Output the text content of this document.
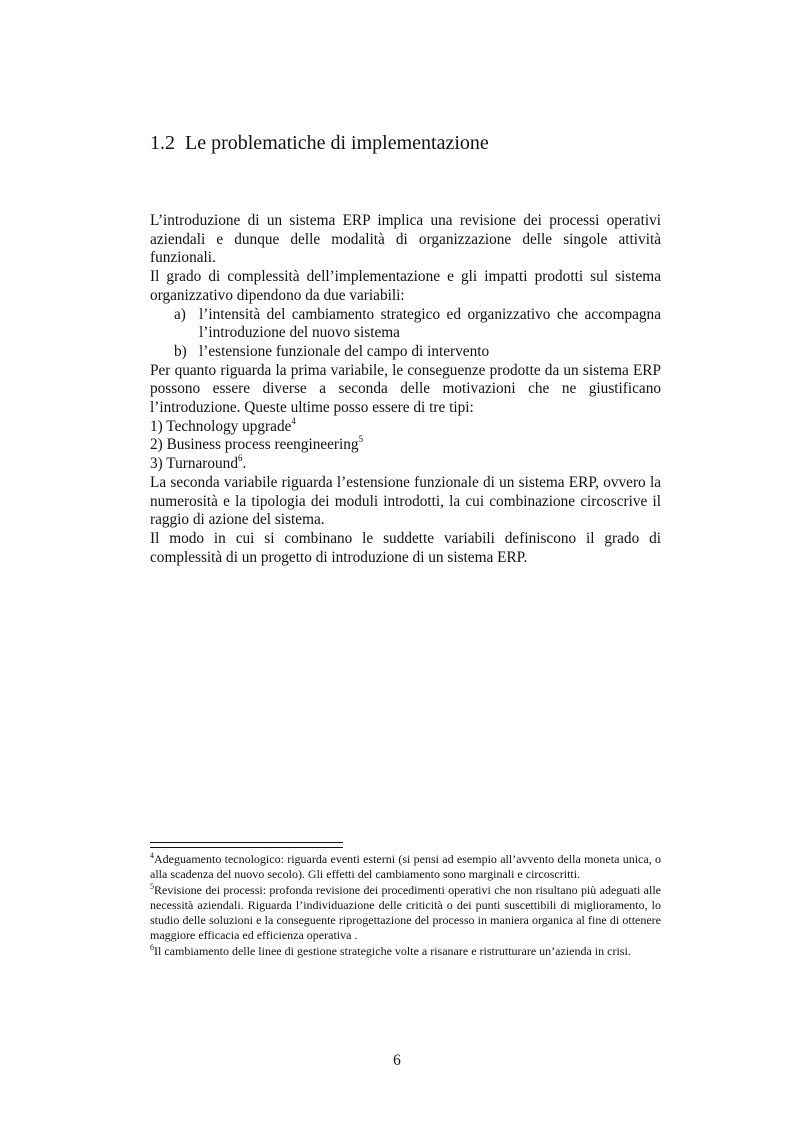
1.2 Le problematiche di implementazione

L’introduzione di un sistema ERP implica una revisione dei processi operativi aziendali e dunque delle modalità di organizzazione delle singole attività funzionali.

Il grado di complessità dell’implementazione e gli impatti prodotti sul sistema organizzativo dipendono da due variabili:

a) l’intensità del cambiamento strategico ed organizzativo che accompagna l’introduzione del nuovo sistema
b) l’estensione funzionale del campo di intervento

Per quanto riguarda la prima variabile, le conseguenze prodotte da un sistema ERP possono essere diverse a seconda delle motivazioni che ne giustificano l’introduzione. Queste ultime posso essere di tre tipi:

1) Technology upgrade$^4$

2) Business process reengineering$^5$

3) Turnaround$^6$.

La seconda variabile riguarda l’estensione funzionale di un sistema ERP, ovvero la numerosità e la tipologia dei moduli introdotti, la cui combinazione circoscrive il raggio di azione del sistema.

Il modo in cui si combinano le suddette variabili definiscono il grado di complessità di un progetto di introduzione di un sistema ERP.

$^4$Adeguamento tecnologico: riguarda eventi esterni (si pensi ad esempio all’avvento della moneta unica, o alla scadenza del nuovo secolo). Gli effetti del cambiamento sono marginali e circoscritti.

$^5$Revisione dei processi: profonda revisione dei procedimenti operativi che non risultano più adeguati alle necessità aziendali. Riguarda l’individuazione delle criticità o dei punti suscettibili di miglioramento, lo studio delle soluzioni e la conseguente riprogettazione del processo in maniera organica al fine di ottenere maggiore efficacia ed efficienza operativa .

$^6$Il cambiamento delle linee di gestione strategiche volte a risanare e ristrutturare un’azienda in crisi.

6
